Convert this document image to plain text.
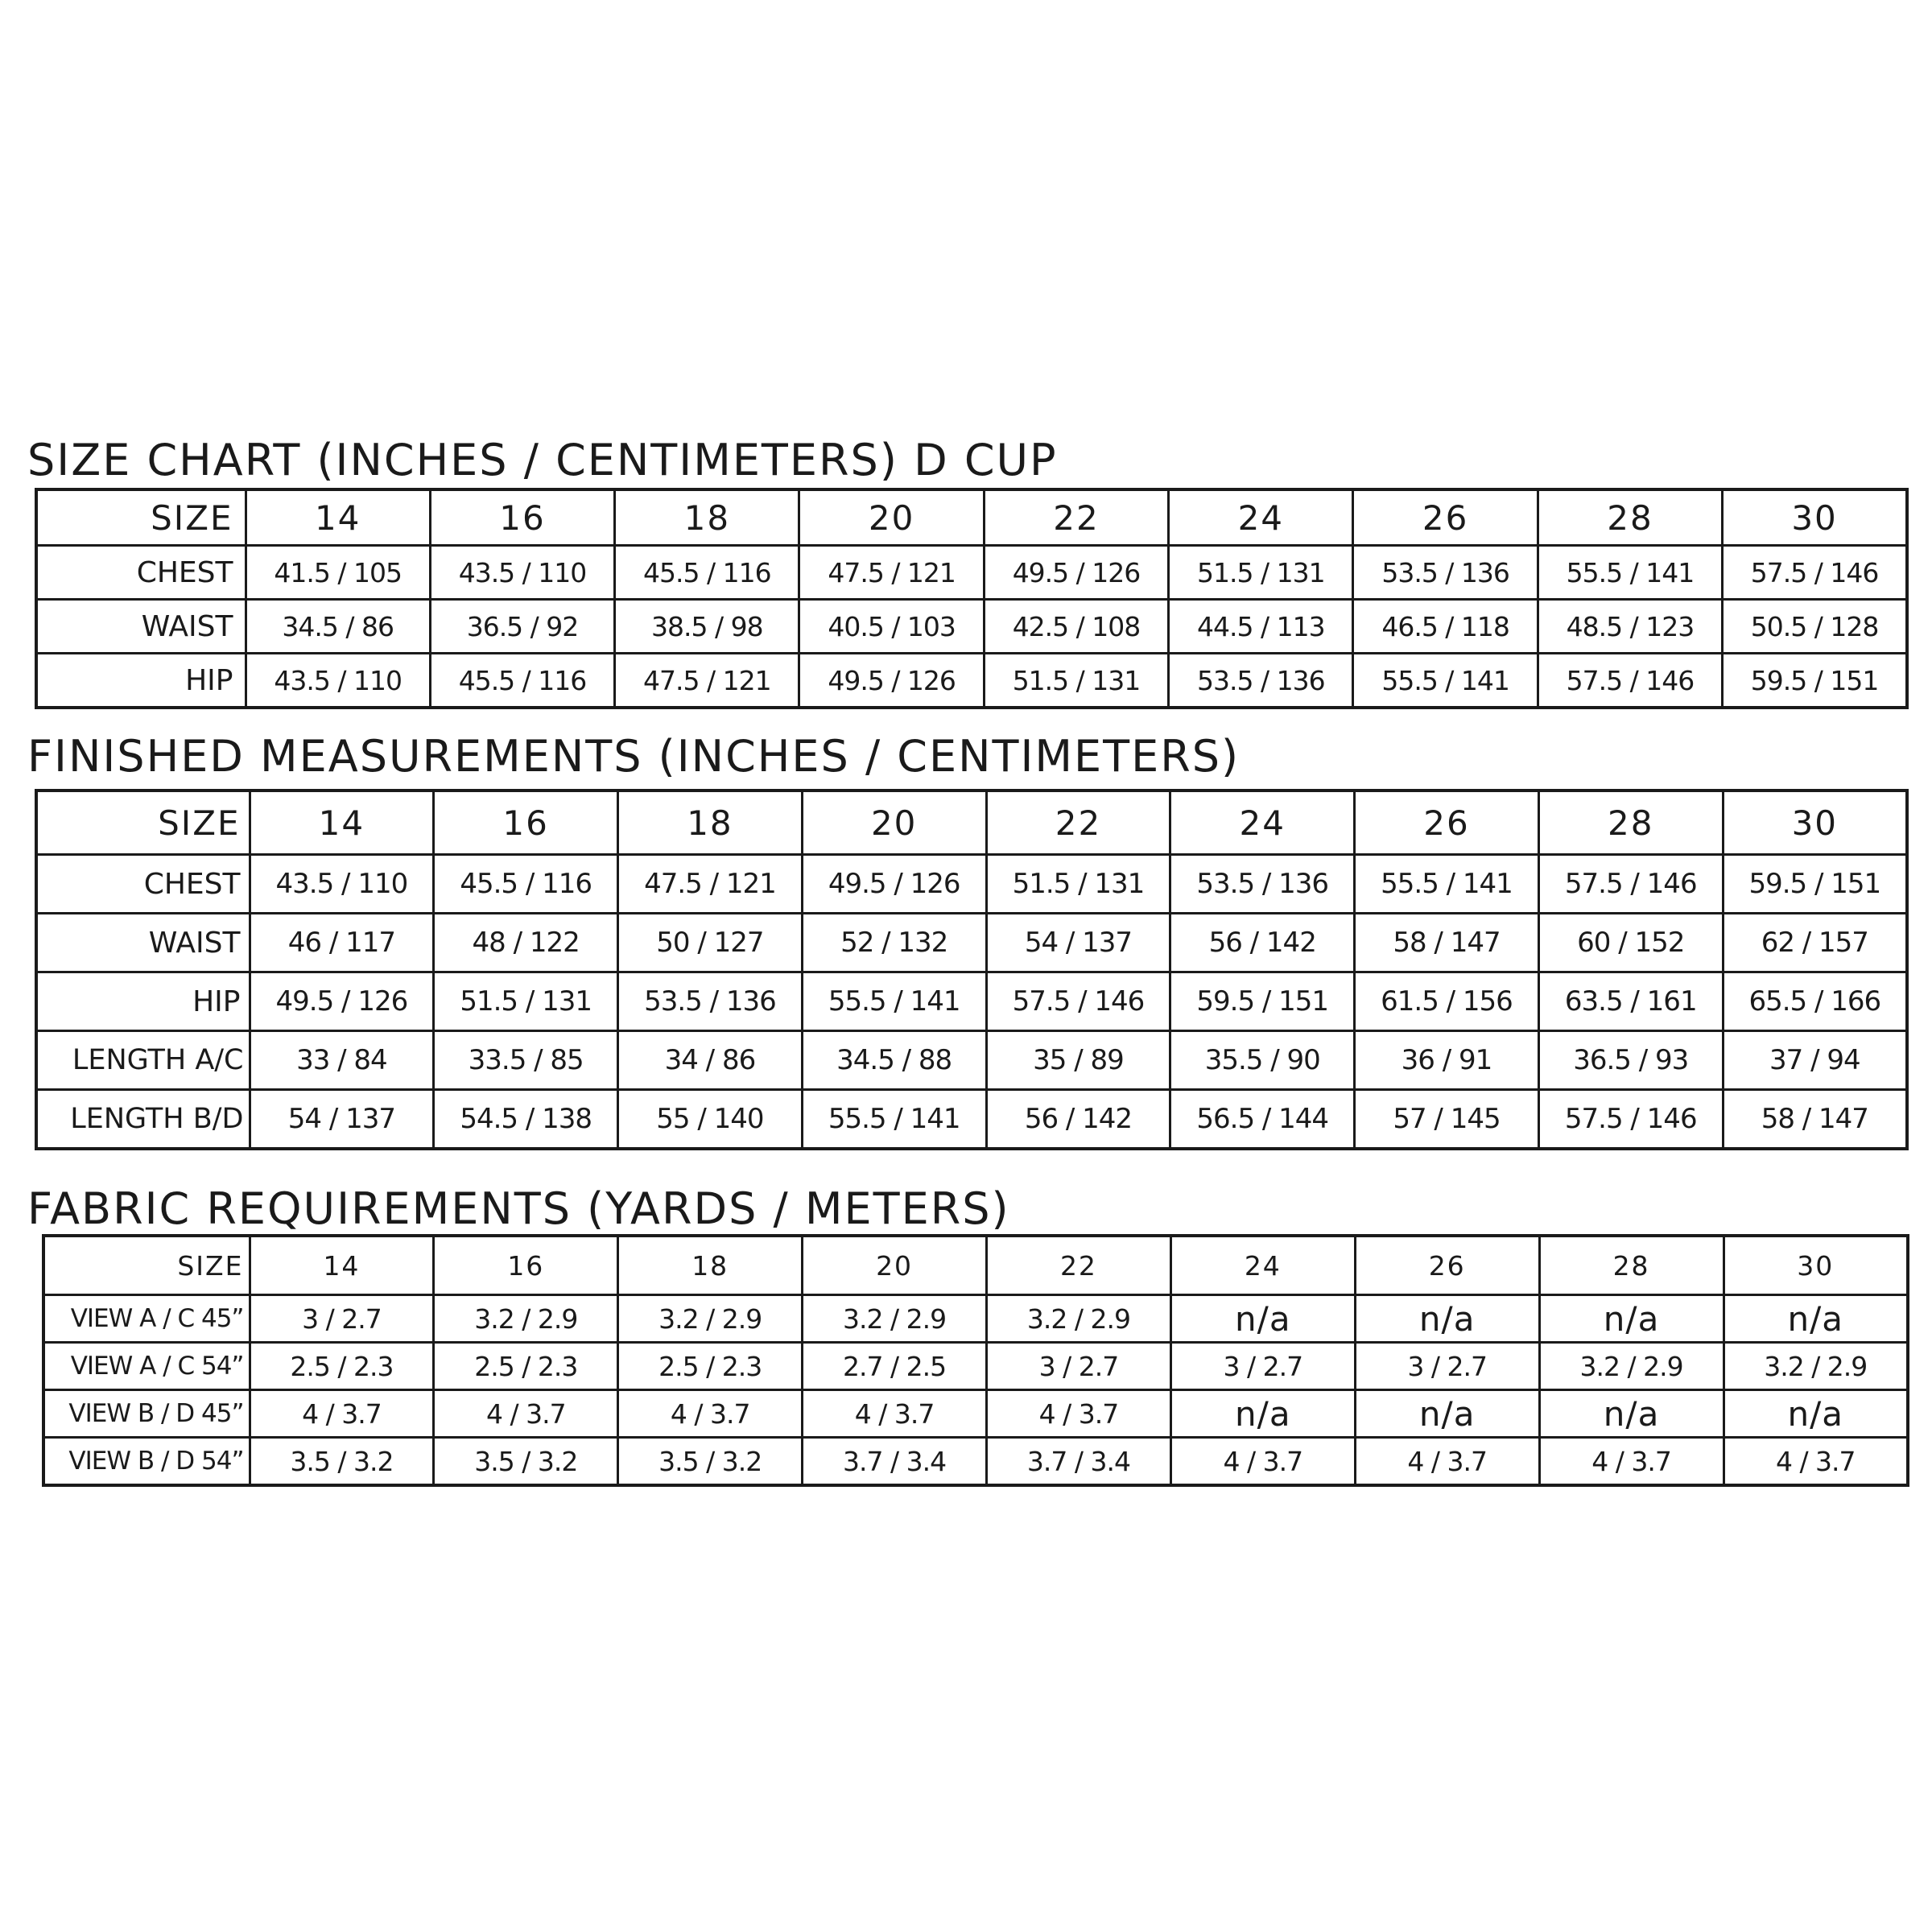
SIZE CHART (INCHES / CENTIMETERS) D CUP
SIZE	14	16	18	20	22	24	26	28	30
CHEST	41.5 / 105	43.5 / 110	45.5 / 116	47.5 / 121	49.5 / 126	51.5 / 131	53.5 / 136	55.5 / 141	57.5 / 146
WAIST	34.5 / 86	36.5 / 92	38.5 / 98	40.5 / 103	42.5 / 108	44.5 / 113	46.5 / 118	48.5 / 123	50.5 / 128
HIP	43.5 / 110	45.5 / 116	47.5 / 121	49.5 / 126	51.5 / 131	53.5 / 136	55.5 / 141	57.5 / 146	59.5 / 151
FINISHED MEASUREMENTS (INCHES / CENTIMETERS)
SIZE	14	16	18	20	22	24	26	28	30
CHEST	43.5 / 110	45.5 / 116	47.5 / 121	49.5 / 126	51.5 / 131	53.5 / 136	55.5 / 141	57.5 / 146	59.5 / 151
WAIST	46 / 117	48 / 122	50 / 127	52 / 132	54 / 137	56 / 142	58 / 147	60 / 152	62 / 157
HIP	49.5 / 126	51.5 / 131	53.5 / 136	55.5 / 141	57.5 / 146	59.5 / 151	61.5 / 156	63.5 / 161	65.5 / 166
LENGTH A/C	33 / 84	33.5 / 85	34 / 86	34.5 / 88	35 / 89	35.5 / 90	36 / 91	36.5 / 93	37 / 94
LENGTH B/D	54 / 137	54.5 / 138	55 / 140	55.5 / 141	56 / 142	56.5 / 144	57 / 145	57.5 / 146	58 / 147
FABRIC REQUIREMENTS (YARDS / METERS)
SIZE	14	16	18	20	22	24	26	28	30
VIEW A / C 45”	3 / 2.7	3.2 / 2.9	3.2 / 2.9	3.2 / 2.9	3.2 / 2.9	n/a	n/a	n/a	n/a
VIEW A / C 54”	2.5 / 2.3	2.5 / 2.3	2.5 / 2.3	2.7 / 2.5	3 / 2.7	3 / 2.7	3 / 2.7	3.2 / 2.9	3.2 / 2.9
VIEW B / D 45”	4 / 3.7	4 / 3.7	4 / 3.7	4 / 3.7	4 / 3.7	n/a	n/a	n/a	n/a
VIEW B / D 54”	3.5 / 3.2	3.5 / 3.2	3.5 / 3.2	3.7 / 3.4	3.7 / 3.4	4 / 3.7	4 / 3.7	4 / 3.7	4 / 3.7
